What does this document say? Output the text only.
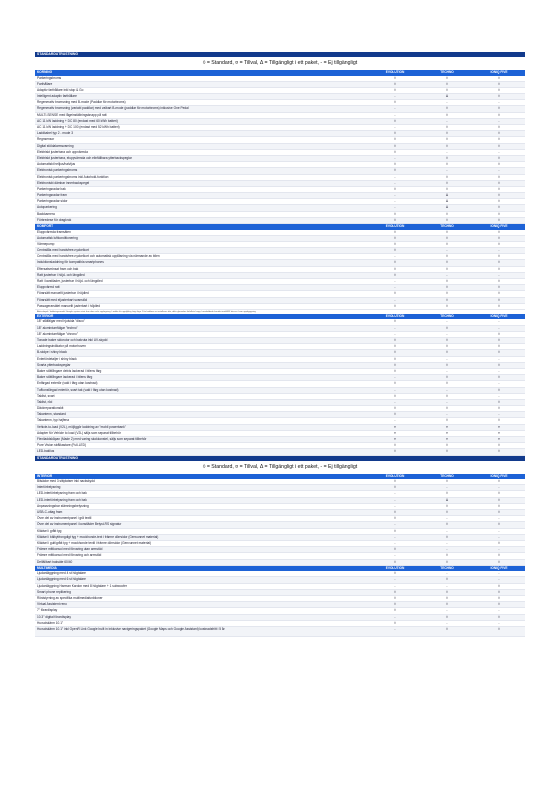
STANDARDUTRUSTNING
◊ = Standard, ¤ = Tillval, Δ = Tillgängligt i ett paket, - = Ej tillgängligt
KÖRNING	EVOLUTION	TECHNO	IONIQ FIVE
Parkeringsbroms	◊	◊	◊
Farthållare	◊	◊	◊
Adaptiv farthållare inkl stop & Go	◊	◊	◊
Intelligent adaptiv farthållare	-	Δ	◊
Regenerativ bromsning med B-mode (Paddlar för motorbroms)	◊	-	-
Regenerativ bromsning (variabl paddlar) med valbart B-mode (paddlar för motorbroms) inklusive One Pedal	-	◊	◊
MULTI-SENSE med lågeinställningsknapp på ratt	-	◊	◊
AC 11 kW laddning + DC 80 (endast med 60 kWh batteri)	◊	-	-
AC 11 kW laddning + DC 100 (endast med 52 kWh batteri)	-	◊	◊
Laddkabel typ 2 - mode 3	◊	◊	◊
Regnsensor	◊	◊	◊
Digital stöldalarmsvarning	◊	◊	◊
Elektriskt justerbara och uppvärmda	◊	-	-
Elektriskt justerbara, eluppvärmda och elinfällbara ytterbackspeglar	-	◊	◊
Automatiskt helljus/halvljus	◊	◊	◊
Elektronisk parkeringsbroms	◊	-	-
Elektronisk parkeringsbroms inkl Autohold-funktion	-	◊	◊
Elektroniskt dämbar innerbackspegel	-	◊	◊
Parkeringsradar bak	◊	◊	◊
Parkeringsradar fram	-	Δ	◊
Parkeringsradar sidor	-	Δ	◊
Autoparkering	-	Δ	◊
Backkamera	◊	◊	◊
Förbredese för dragkrok	◊	◊	◊
KOMFORT	EVOLUTION	TECHNO	IONIQ FIVE
Eluppvärmda framsäten	◊	◊	◊
Automatisk luftkonditionering	◊	◊	◊
Värmepump	◊	◊	◊
Centrallås med handsfree-nyckelkort	◊	-	-
Centrallås med handsfree-nyckelkort och automatisk upplåsning via närmande av bilen	-	◊	◊
Induktionsladdning för kompatibla smartphones	◊	◊	◊
Eftersatsminsat fram och bak	◊	◊	◊
Ratt justerbar i höjd- och längdled	◊	-	-
Ratt i karstilader, justerbar i höjd- och längdled	-	◊	◊
Eluppvärmd ratt	-	◊	◊
Förarsätt manuellt justerbar i höjdled	◊	◊	◊
Förarsätt med eljusterbart svanstöd	-	◊	◊
Passagerarsätet manuellt justerbart i höjdled	◊	◊	◊
Aktivskapel / laddningsmodul Google system start från dom ochi upplagning. Laddar för uppfyllnig högt läge 2 för laddare av installeras där, deliv glenedas förfallets kapp, hemladdade kontakt-intelliMX dessa i hem uppbyggning
EXTERIÖR	EVOLUTION	TECHNO	IONIQ FIVE
18" stålfälgar med hjulsida "disco"	◊	-	-
18" aluminiumfälgar "techno"	-	◊	-
18" aluminiumfälgar "chrono"	-	-	◊
Tonade bakre sidorutor och bakruta inkl UV-skydd	◊	◊	◊
Laddningsindikator på motorhuven	◊	◊	◊
B-stolpe i shiny black	◊	◊	◊
Exteriördetaljer i shiny black	◊	-	-
Svarta ytterbackspeglar	◊	◊	◊
Bakre stötfångare delvis lackerad i bilens färg	◊	-	-
Bakre stötfångare lackerad i bilens färg	-	◊	◊
Enfärgad exteriör (vald i färg utan kostnad)	◊	◊	-
Tvåtonsfärgad exteriör, svart tak (vald i färg utan kostnad)	-	-	◊
Taklist, svart	◊	◊	-
Taklist, röd	-	-	◊
Däckreparationskit	◊	◊	◊
Takantenn, standard	◊	-	-
Takantenn, typ hajfena	-	◊	◊
Vehicle-to-load (V2L), möjliggör laddning av "mobil powerbank"	¤	¤	¤
Adapter för Vehicle to load (V2L) säljs som separat tillbehör	¤	¤	¤
Flexiladdskåpan (Made 2) med varing skokkonstel, säljs som separat tillbehör	¤	¤	¤
Pure Vision strålkastare (Full-LED)	◊	◊	◊
LED-baklius	◊	◊	◊
STANDARDUTRUSTNING
◊ = Standard, ¤ = Tillval, Δ = Tillgängligt i ett paket, - = Ej tillgängligt
INTERIÖR	EVOLUTION	TECHNO	IONIQ FIVE
Bilsäcke med 3 sittplatser inkl nackskydd	◊	◊	◊
Interiörbelysning	◊	-	-
LED-interiörbelysning fram och bak	-	◊	◊
LED-interiörbelysning fram och bak	-	Δ	◊
Anpassningsbar stämningsbelysning	-	◊	◊
USB-C-uttag fram	◊	◊	◊
Övre del av instrumentpanel i grå textil	◊	-	-
Övre del av instrumentpanel i konstläder Beiyst-RS signatur	-	◊	◊
Klädsel i grått tyg	◊	-	-
Klädsel i bälbytfrongdigt tyg + mockhonde-text i främre dörrsidor (Genvunnet material)	-	◊	-
Klädsel i gult/grått tyg + mockhonde textil i främre dörrsidor (Genvunnet material)	-	-	◊
Främre mittkonsol med förvaring utan armstöd	◊	-	-
Främre mittkonsol med förvaring och armstöd	-	◊	◊
Delfällbart baksäte 60/40	◊	◊	◊
MULTIMEDIA	EVOLUTION	TECHNO	IONIQ FIVE
Ljudanläggning med 4 st högtalare	◊	-	-
Ljudanläggning med 6 st högtalare	-	◊	-
Ljudanläggning Harman Kardon med 8 högtalare + 1 subwoofer	-	-	◊
Smart phone replikering	◊	◊	◊
Röststyrning av specifika multimediafunktioner	◊	◊	◊
Virtual Assistent reno	◊	◊	◊
7" förardisplay	◊	-	-
10.3" digital förardisplay	-	◊	◊
Huvudskärm 10.1"	◊	-	-
Huvudskärm 10.1" inkl OpenR Link Google built in inklusive navigeringspaket (Google Maps och Google Assistant) kostnadsfritt i 5 år	-	◊	◊
